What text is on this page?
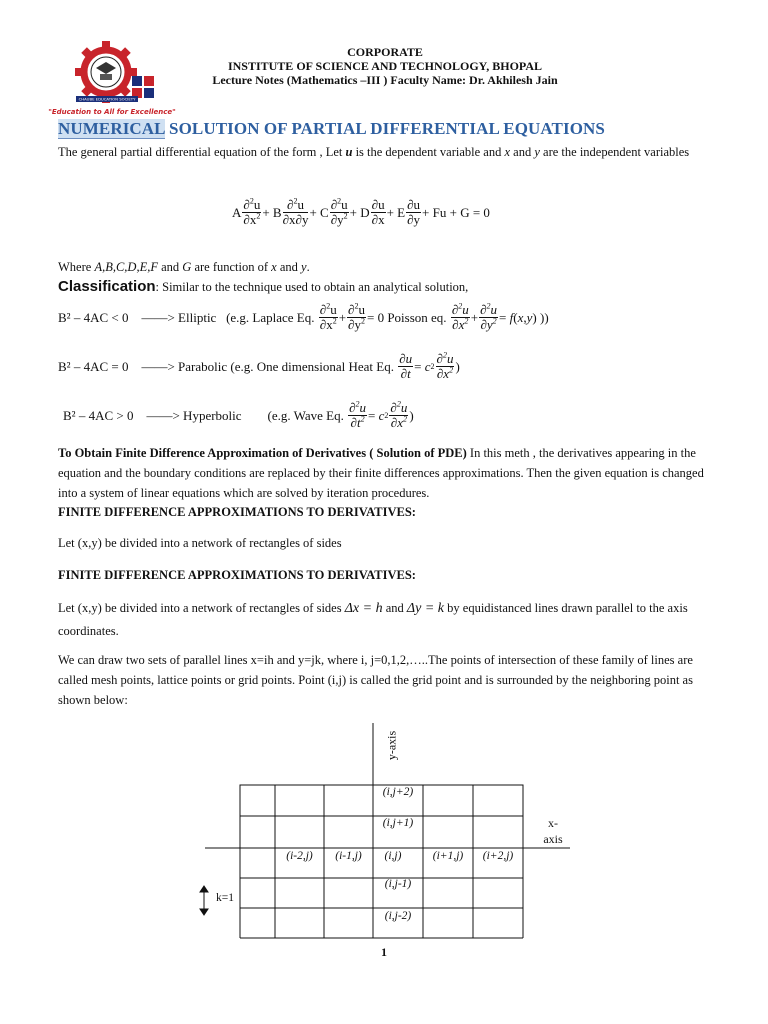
CHAUBE EDUCATION SOCIETY
"Education to All for Excellence"
CORPORATE
INSTITUTE OF SCIENCE AND TECHNOLOGY, BHOPAL
Lecture Notes (Mathematics –III ) Faculty Name: Dr. Akhilesh Jain
NUMERICAL SOLUTION OF PARTIAL DIFFERENTIAL EQUATIONS
The general partial differential equation of the form , Let u is the dependent variable and x and y are the independent variables
A $\frac{\partial^2u}{\partial x^2} + B \frac{\partial^2u}{\partial x\partial y} + C \frac{\partial^2u}{\partial y^2} + D \frac{\partial u}{\partial x} + E \frac{\partial u}{\partial y} + Fu + G = 0$
Where A,B,C,D,E,F and G are function of x and y.
Classification: Similar to the technique used to obtain an analytical solution,
B² – 4AC < 0
——> Elliptic
(e.g. Laplace Eq.
$\frac{\partial^2u}{\partial x^2} + \frac{\partial^2u}{\partial y^2} = 0$ Poisson eq.
$\frac{\partial^2u}{\partial x^2} + \frac{\partial^2u}{\partial y^2} = f$ ( x , y ) ))
B² – 4AC = 0
——> Parabolic
(e.g. One dimensional Heat Eq.
$\frac{\partial u}{\partial t} = c$ $2 \frac{\partial^2u}{\partial x^2}$ )
B² – 4AC > 0
——> Hyperbolic
(e.g. Wave Eq.
$\frac{\partial^2u}{\partial t^2} = c$ $2 \frac{\partial^2u}{\partial x^2}$ )
To Obtain Finite Difference Approximation of Derivatives ( Solution of PDE) In this meth , the derivatives appearing in the equation and the boundary conditions are replaced by their finite differences approximations. Then the given equation is changed into a system of linear equations which are solved by iteration procedures.
FINITE DIFFERENCE APPROXIMATIONS TO DERIVATIVES:
Let (x,y) be divided into a network of rectangles of sides
FINITE DIFFERENCE APPROXIMATIONS TO DERIVATIVES:
Let (x,y) be divided into a network of rectangles of sides Δx = h and Δy = k by equidistanced lines drawn parallel to the axis coordinates.
We can draw two sets of parallel lines x=ih and y=jk, where i, j=0,1,2,…..The points of intersection of these family of lines are called mesh points, lattice points or grid points. Point (i,j) is called the grid point and is surrounded by the neighboring point as shown below:
y-axis
x-
axis
k=1
(i,j+2)
(i,j+1)
(i-2,j)	(i-1,j)	(i,j)	(i+1,j)	(i+2,j)
(i,j-1)
(i,j-2)
1
